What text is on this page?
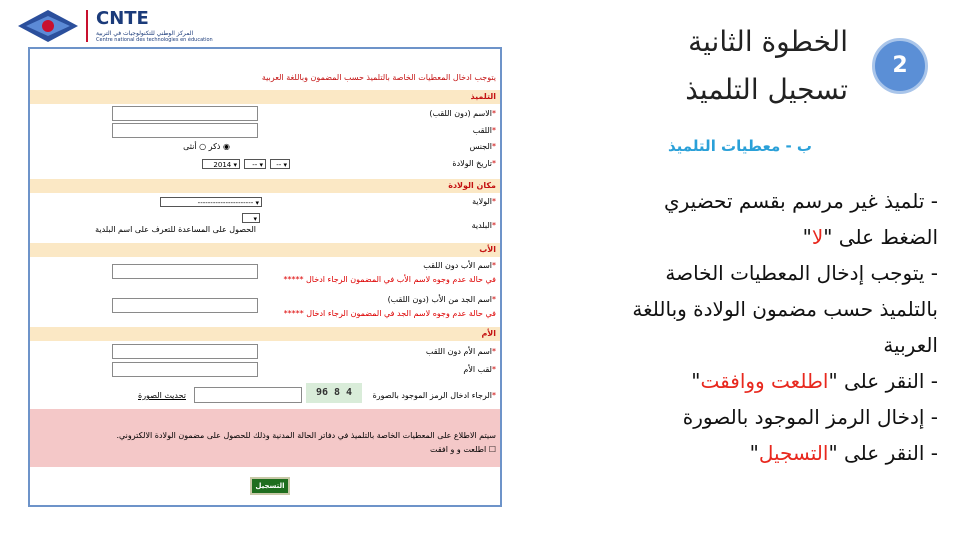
CNTE
المركز الوطني للتكنولوجيات في التربية
Centre national des technologies en éducation
يتوجب ادخال المعطيات الخاصة بالتلميذ حسب المضمون وباللغة العربية
التلميذ
*الاسم (دون اللقب)
*اللقب
*الجنس
◉ ذكر ○ أنثى
*تاريخ الولادة
▾ --
▾ --
▾ 2014
مكان الولادة
*الولاية
▾ ----------------------
▾
*البلدية
الحصول على المساعدة للتعرف على اسم البلدية
الأب
*اسم الأب دون اللقب
في حالة عدم وجوه لاسم الأب في المضمون الرجاء ادخال *****
*اسم الجد من الأب (دون اللقب)
في حالة عدم وجوه لاسم الجد في المضمون الرجاء ادخال *****
الأم
*اسم الأم دون اللقب
*لقب الأم
*الرجاء ادخال الرمز الموجود بالصورة
96 8 4
تحديث الصورة
سيتم الاطلاع على المعطيات الخاصة بالتلميذ في دفاتر الحالة المدنية وذلك للحصول على مضمون الولادة الالكتروني.
☐ اطلعت و و افقت
التسجيل
2
الخطوة الثانية
تسجيل التلميذ
ب - معطيات التلميذ
- تلميذ غير مرسم بقسم تحضيري
الضغط على "لا"
- يتوجب إدخال المعطيات الخاصة
بالتلميذ حسب مضمون الولادة وباللغة
العربية
- النقر على "اطلعت ووافقت"
- إدخال الرمز الموجود بالصورة
- النقر على "التسجيل"
